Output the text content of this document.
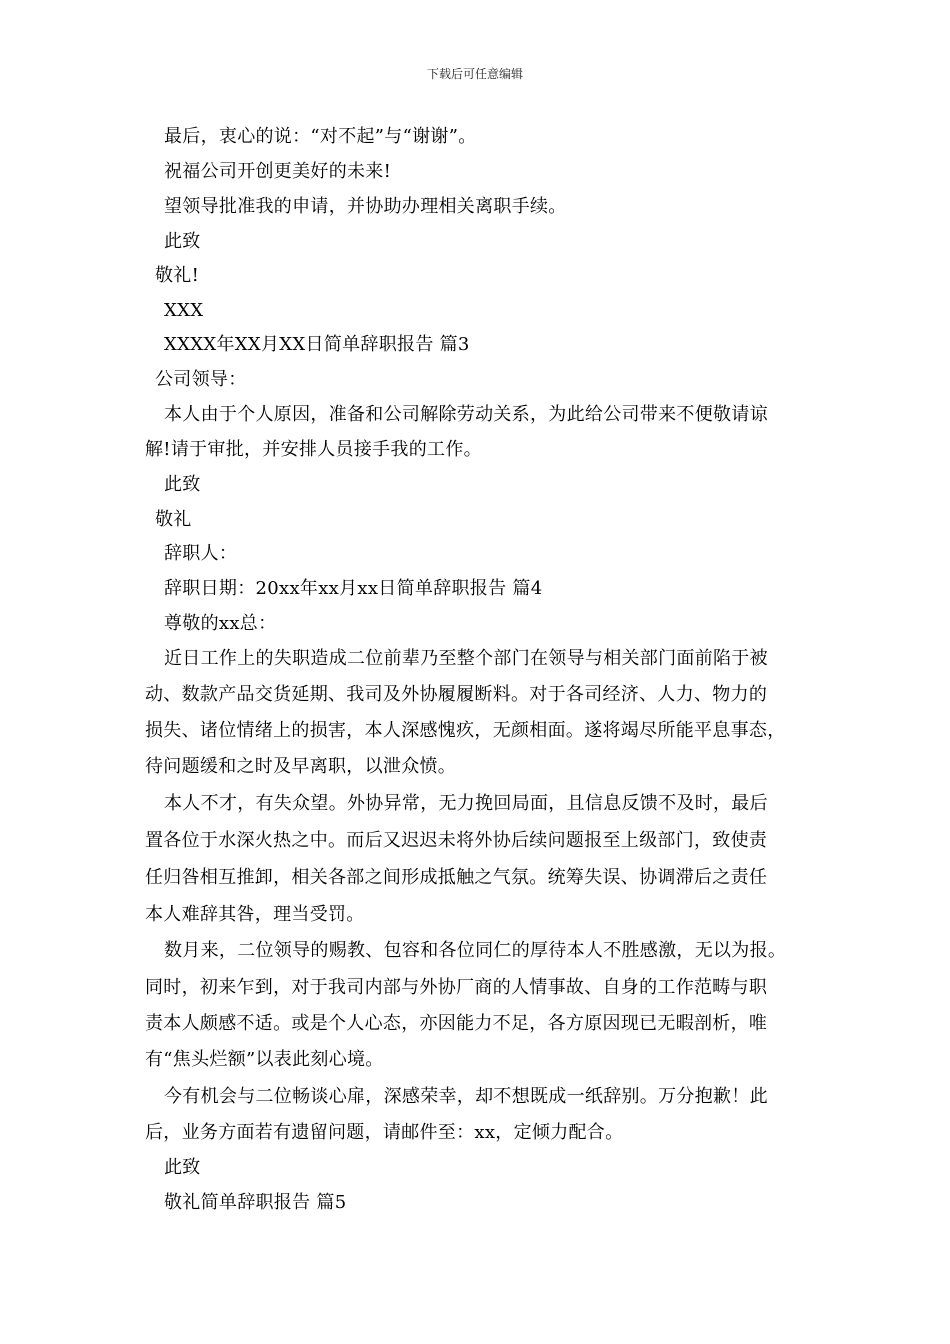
下载后可任意编辑
最后，衷心的说：“对不起”与“谢谢”。
祝福公司开创更美好的未来!
望领导批准我的申请，并协助办理相关离职手续。
此致
敬礼!
XXX
XXXX年XX月XX日简单辞职报告 篇3
公司领导：
本人由于个人原因，准备和公司解除劳动关系，为此给公司带来不便敬请谅
解!请于审批，并安排人员接手我的工作。
此致
敬礼
辞职人：
辞职日期：20xx年xx月xx日简单辞职报告 篇4
尊敬的xx总：
近日工作上的失职造成二位前辈乃至整个部门在领导与相关部门面前陷于被
动、数款产品交货延期、我司及外协履履断料。对于各司经济、人力、物力的
损失、诸位情绪上的损害，本人深感愧疚，无颜相面。遂将竭尽所能平息事态，
待问题缓和之时及早离职，以泄众愤。
本人不才，有失众望。外协异常，无力挽回局面，且信息反馈不及时，最后
置各位于水深火热之中。而后又迟迟未将外协后续问题报至上级部门，致使责
任归咎相互推卸，相关各部之间形成抵触之气氛。统筹失误、协调滞后之责任
本人难辞其咎，理当受罚。
数月来，二位领导的赐教、包容和各位同仁的厚待本人不胜感激，无以为报。
同时，初来乍到，对于我司内部与外协厂商的人情事故、自身的工作范畴与职
责本人颇感不适。或是个人心态，亦因能力不足，各方原因现已无暇剖析，唯
有“焦头烂额”以表此刻心境。
今有机会与二位畅谈心扉，深感荣幸，却不想既成一纸辞别。万分抱歉！此
后，业务方面若有遗留问题，请邮件至：xx，定倾力配合。
此致
敬礼简单辞职报告 篇5
